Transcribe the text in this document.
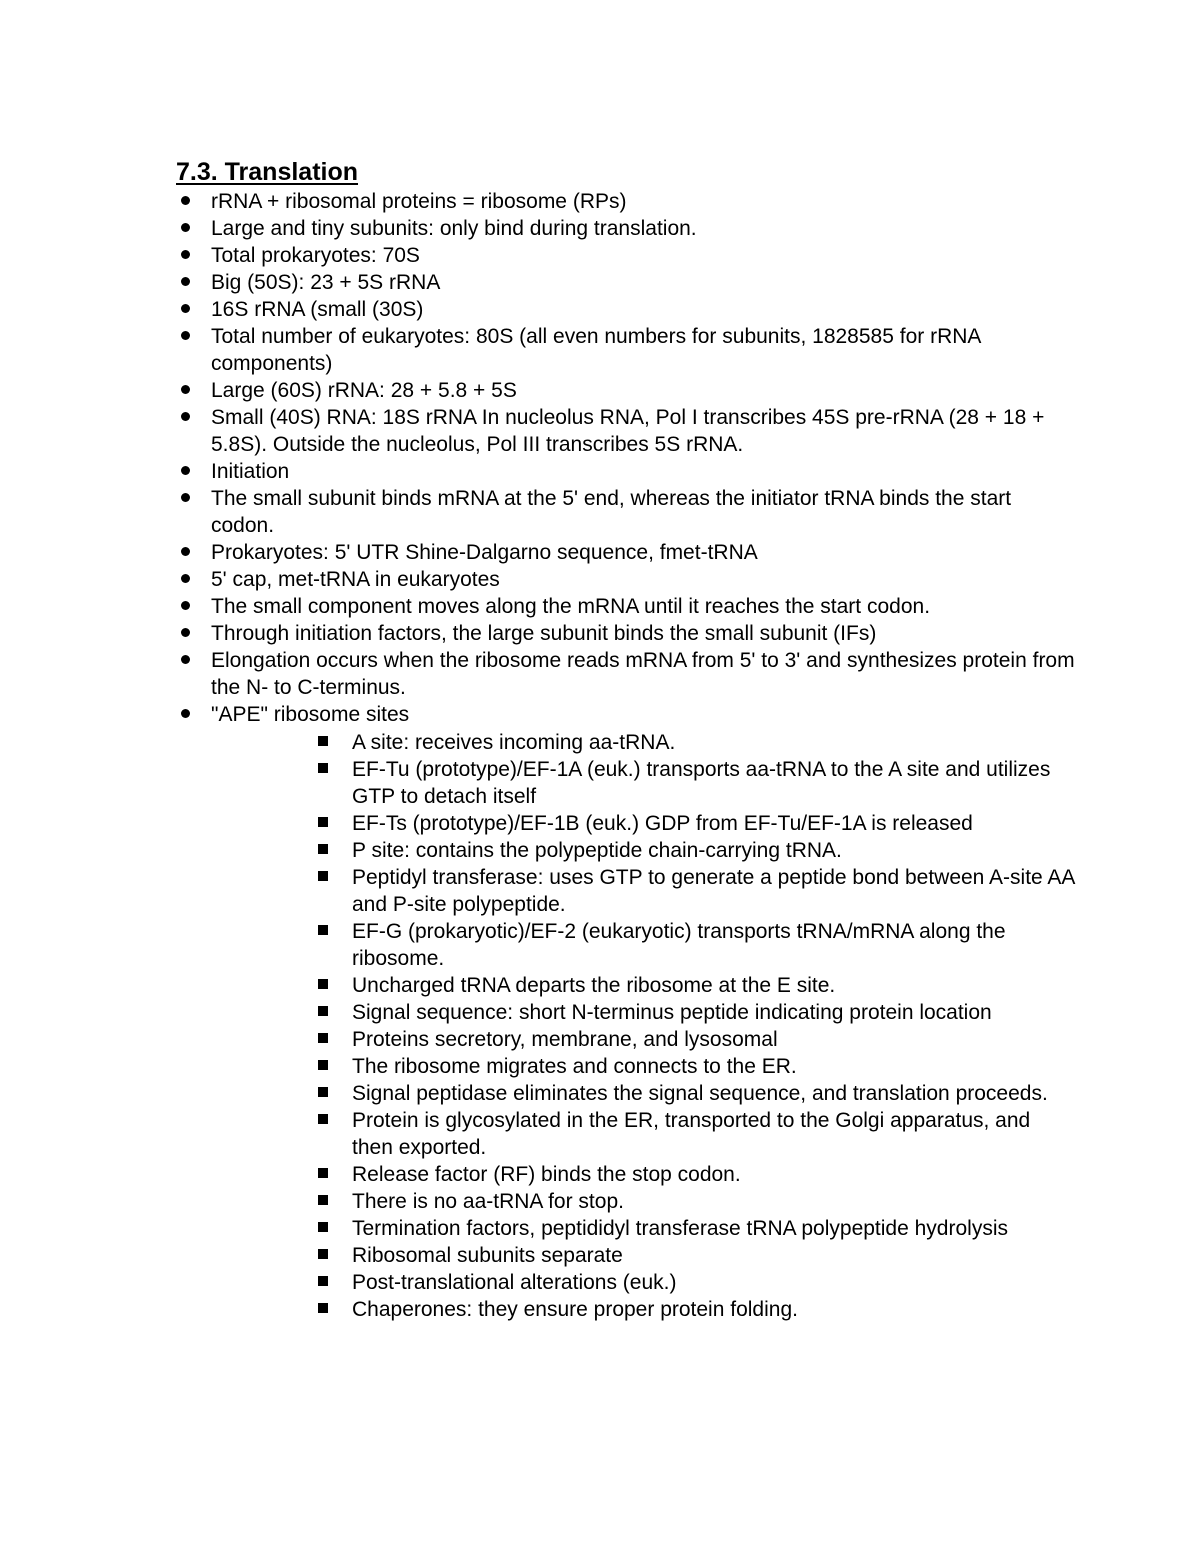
7.3. Translation
rRNA + ribosomal proteins = ribosome (RPs)
Large and tiny subunits: only bind during translation.
Total prokaryotes: 70S
Big (50S): 23 + 5S rRNA
16S rRNA (small (30S)
Total number of eukaryotes: 80S (all even numbers for subunits, 1828585 for rRNA components)
Large (60S) rRNA: 28 + 5.8 + 5S
Small (40S) RNA: 18S rRNA In nucleolus RNA, Pol I transcribes 45S pre-rRNA (28 + 18 + 5.8S). Outside the nucleolus, Pol III transcribes 5S rRNA.
Initiation
The small subunit binds mRNA at the 5' end, whereas the initiator tRNA binds the start codon.
Prokaryotes: 5' UTR Shine-Dalgarno sequence, fmet-tRNA
5' cap, met-tRNA in eukaryotes
The small component moves along the mRNA until it reaches the start codon.
Through initiation factors, the large subunit binds the small subunit (IFs)
Elongation occurs when the ribosome reads mRNA from 5' to 3' and synthesizes protein from the N- to C-terminus.
"APE" ribosome sites
A site: receives incoming aa-tRNA.
EF-Tu (prototype)/EF-1A (euk.) transports aa-tRNA to the A site and utilizes GTP to detach itself
EF-Ts (prototype)/EF-1B (euk.) GDP from EF-Tu/EF-1A is released
P site: contains the polypeptide chain-carrying tRNA.
Peptidyl transferase: uses GTP to generate a peptide bond between A-site AA and P-site polypeptide.
EF-G (prokaryotic)/EF-2 (eukaryotic) transports tRNA/mRNA along the ribosome.
Uncharged tRNA departs the ribosome at the E site.
Signal sequence: short N-terminus peptide indicating protein location
Proteins secretory, membrane, and lysosomal
The ribosome migrates and connects to the ER.
Signal peptidase eliminates the signal sequence, and translation proceeds.
Protein is glycosylated in the ER, transported to the Golgi apparatus, and then exported.
Release factor (RF) binds the stop codon.
There is no aa-tRNA for stop.
Termination factors, peptididyl transferase tRNA polypeptide hydrolysis
Ribosomal subunits separate
Post-translational alterations (euk.)
Chaperones: they ensure proper protein folding.
